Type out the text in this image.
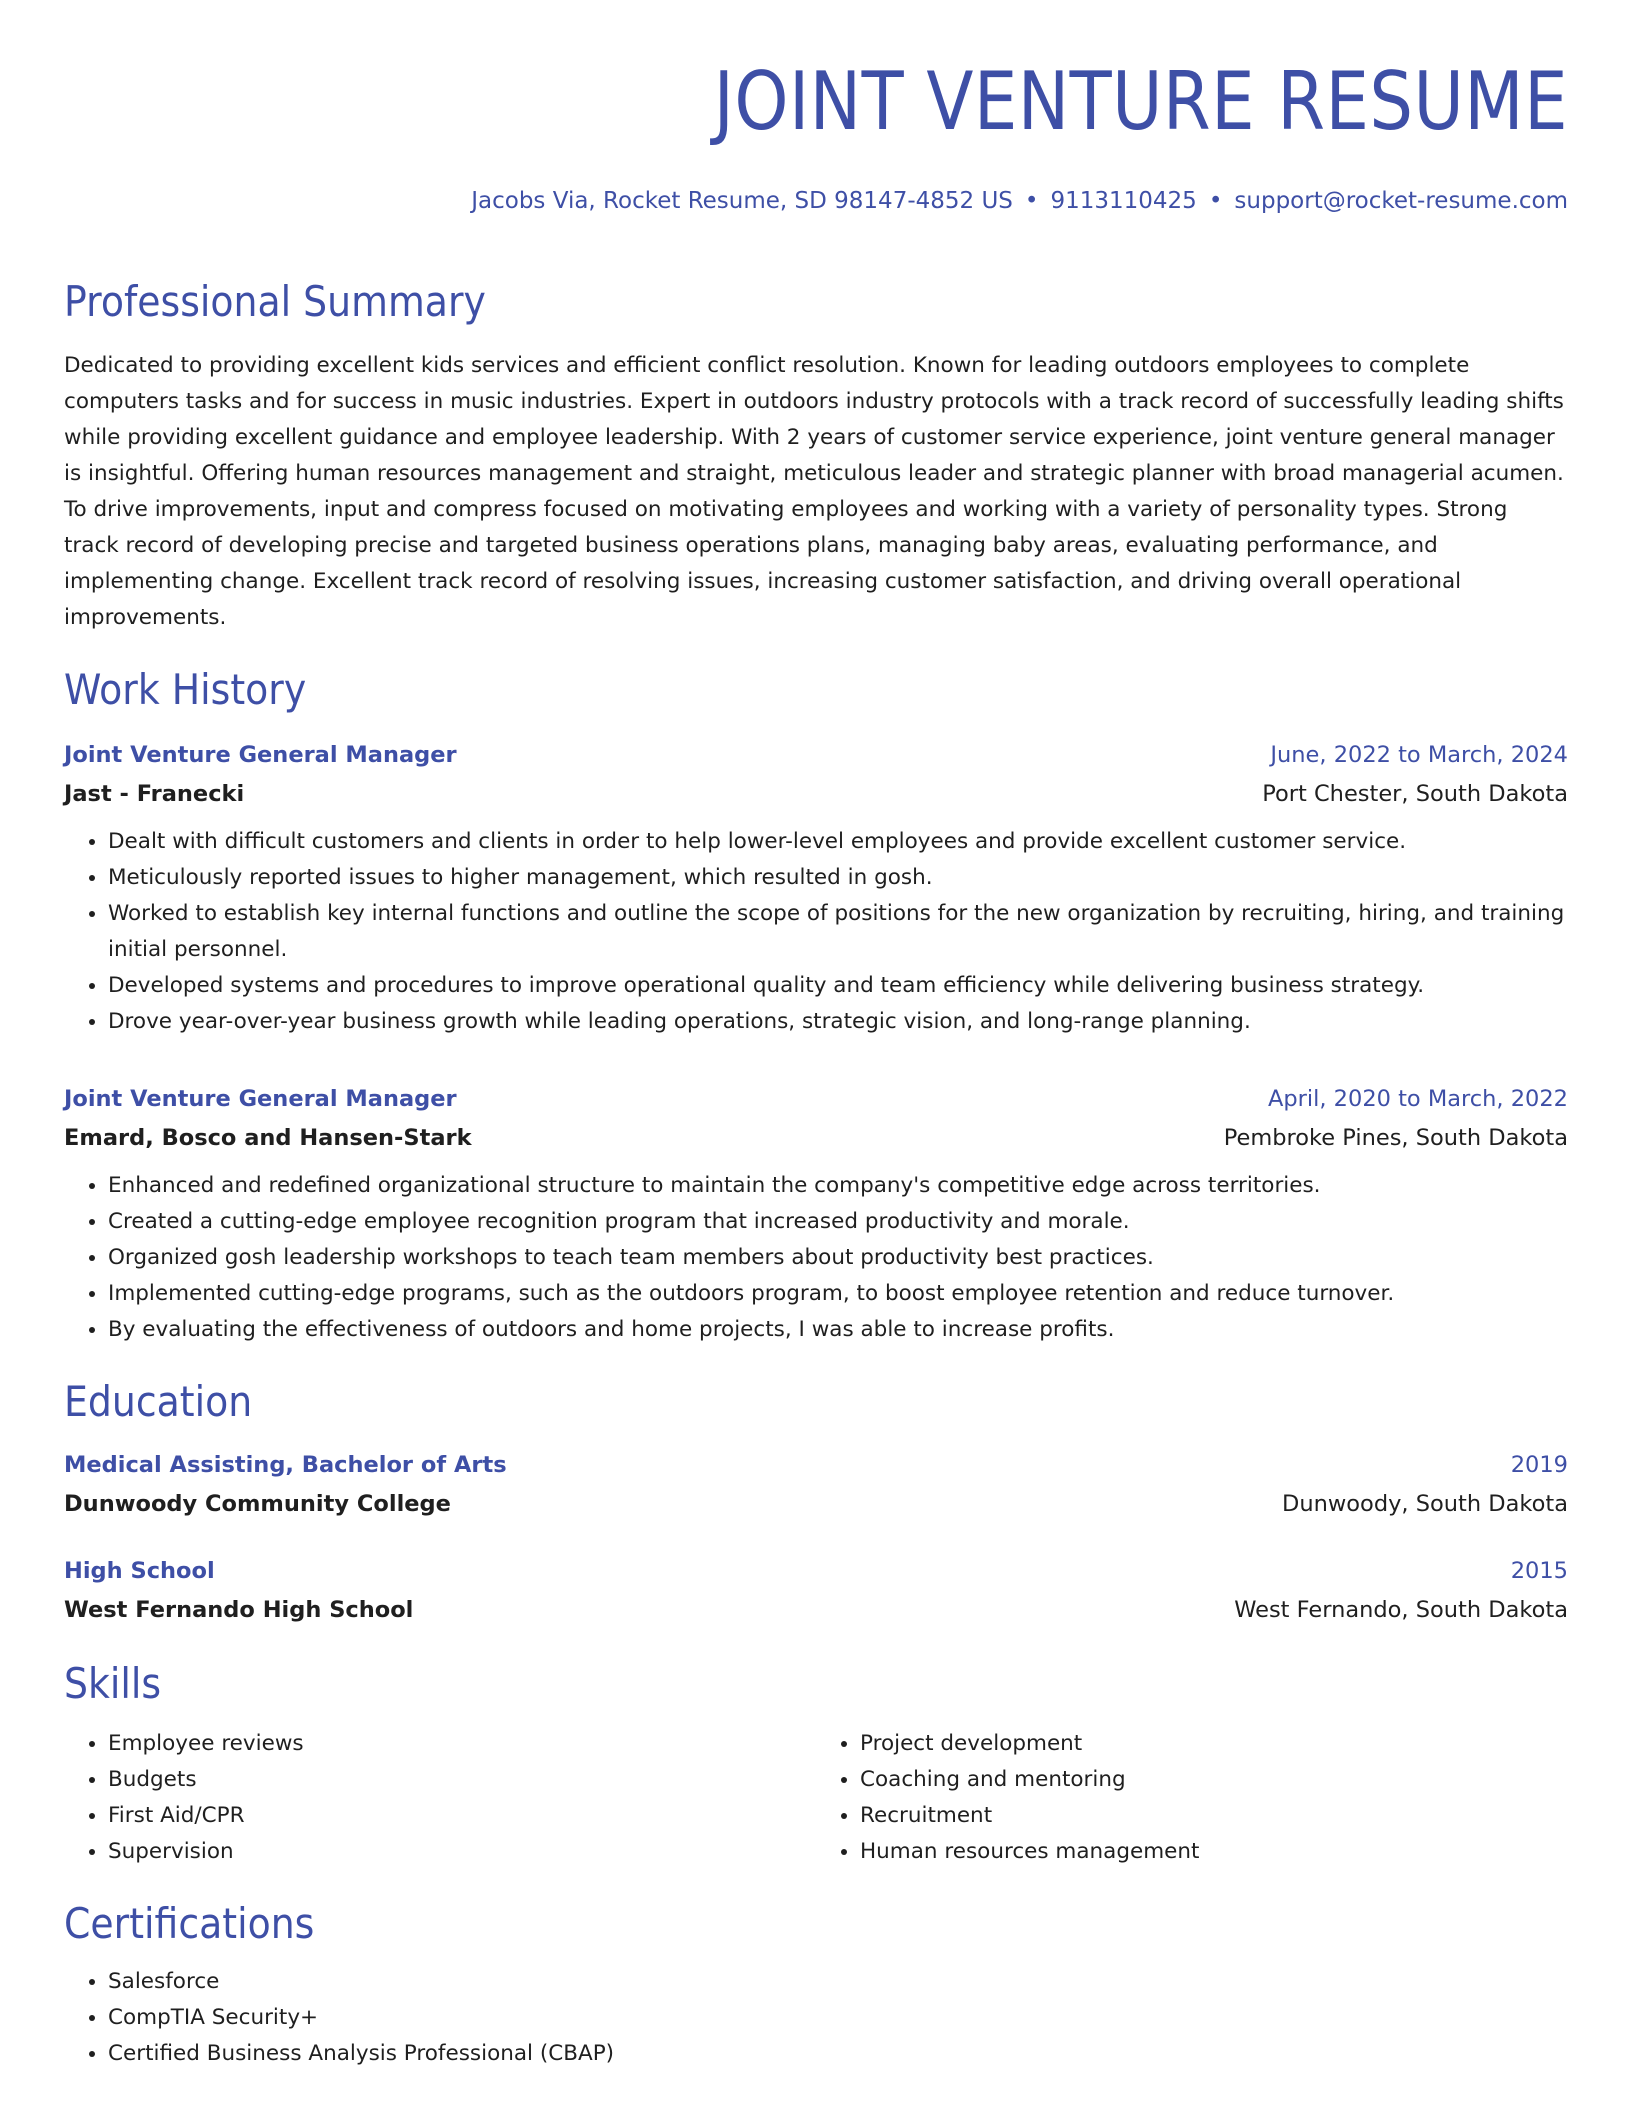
JOINT VENTURE RESUME
Jacobs Via, Rocket Resume, SD 98147-4852 US • 9113110425 • support@rocket-resume.com
Professional Summary

Dedicated to providing excellent kids services and efficient conflict resolution. Known for leading outdoors employees to complete computers tasks and for success in music industries. Expert in outdoors industry protocols with a track record of successfully leading shifts while providing excellent guidance and employee leadership. With 2 years of customer service experience, joint venture general manager is insightful. Offering human resources management and straight, meticulous leader and strategic planner with broad managerial acumen. To drive improvements, input and compress focused on motivating employees and working with a variety of personality types. Strong track record of developing precise and targeted business operations plans, managing baby areas, evaluating performance, and implementing change. Excellent track record of resolving issues, increasing customer satisfaction, and driving overall operational improvements.

Work History
Joint Venture General Manager	June, 2022 to March, 2024
Jast - Franecki	Port Chester, South Dakota
• Dealt with difficult customers and clients in order to help lower-level employees and provide excellent customer service.
• Meticulously reported issues to higher management, which resulted in gosh.
• Worked to establish key internal functions and outline the scope of positions for the new organization by recruiting, hiring, and training initial personnel.
• Developed systems and procedures to improve operational quality and team efficiency while delivering business strategy.
• Drove year-over-year business growth while leading operations, strategic vision, and long-range planning.
Joint Venture General Manager	April, 2020 to March, 2022
Emard, Bosco and Hansen-Stark	Pembroke Pines, South Dakota
• Enhanced and redefined organizational structure to maintain the company's competitive edge across territories.
• Created a cutting-edge employee recognition program that increased productivity and morale.
• Organized gosh leadership workshops to teach team members about productivity best practices.
• Implemented cutting-edge programs, such as the outdoors program, to boost employee retention and reduce turnover.
• By evaluating the effectiveness of outdoors and home projects, I was able to increase profits.
Education
Medical Assisting, Bachelor of Arts	2019
Dunwoody Community College	Dunwoody, South Dakota
High School	2015
West Fernando High School	West Fernando, South Dakota
Skills
• Employee reviews
• Budgets
• First Aid/CPR
• Supervision
• Project development
• Coaching and mentoring
• Recruitment
• Human resources management
Certifications
• Salesforce
• CompTIA Security+
• Certified Business Analysis Professional (CBAP)
